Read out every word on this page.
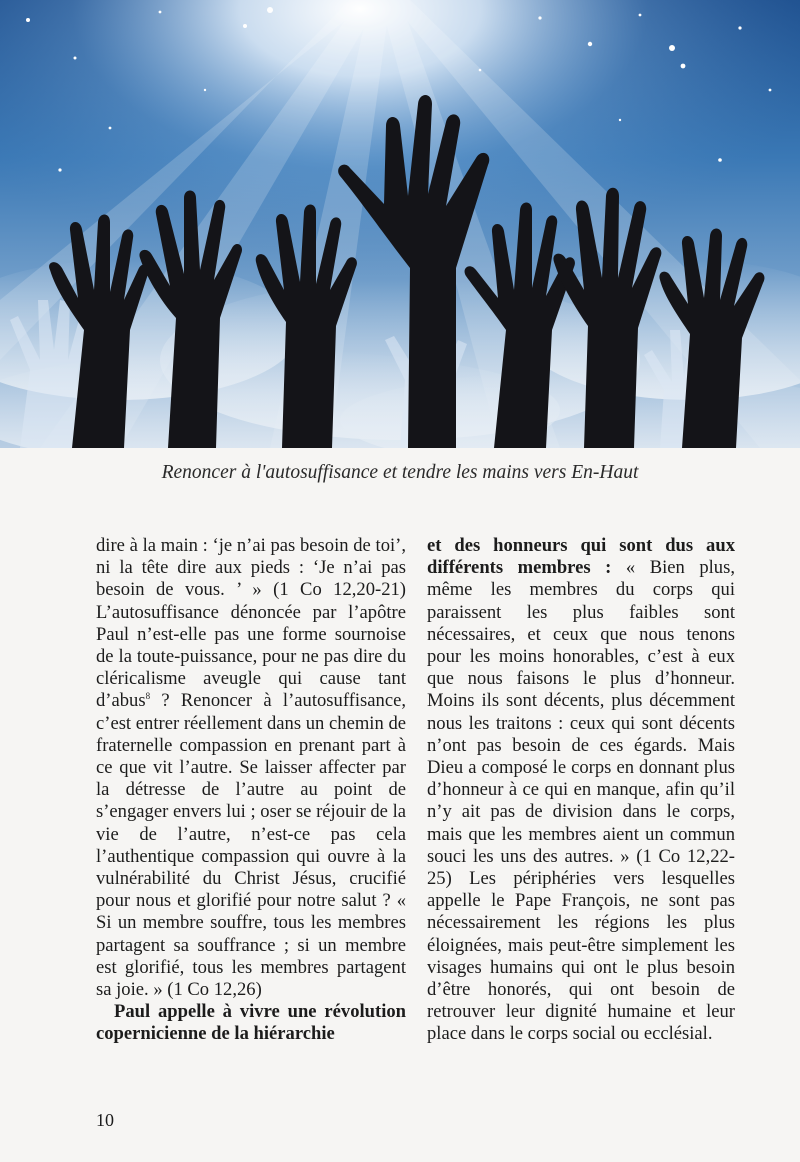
Renoncer à l'autosuffisance et tendre les mains vers En-Haut

dire à la main : ‘je n’ai pas besoin de toi’, ni la tête dire aux pieds : ‘Je n’ai pas besoin de vous. ’ » (1 Co 12,20-21) L’autosuffisance dénoncée par l’apôtre Paul n’est-elle pas une forme sournoise de la toute-puissance, pour ne pas dire du cléricalisme aveugle qui cause tant d’abus$^8$ ? Renoncer à l’autosuffisance, c’est entrer réellement dans un chemin de fraternelle compassion en prenant part à ce que vit l’autre. Se laisser affecter par la détresse de l’autre au point de s’engager envers lui ; oser se réjouir de la vie de l’autre, n’est-ce pas cela l’authentique compassion qui ouvre à la vulnérabilité du Christ Jésus, crucifié pour nous et glorifié pour notre salut ? « Si un membre souffre, tous les membres partagent sa souffrance ; si un membre est glorifié, tous les membres partagent sa joie. » (1 Co 12,26)

Paul appelle à vivre une révolution copernicienne de la hiérarchie

et des honneurs qui sont dus aux différents membres : « Bien plus, même les membres du corps qui paraissent les plus faibles sont nécessaires, et ceux que nous tenons pour les moins honorables, c’est à eux que nous faisons le plus d’honneur. Moins ils sont décents, plus décemment nous les traitons : ceux qui sont décents n’ont pas besoin de ces égards. Mais Dieu a composé le corps en donnant plus d’honneur à ce qui en manque, afin qu’il n’y ait pas de division dans le corps, mais que les membres aient un commun souci les uns des autres. » (1 Co 12,22-25) Les périphéries vers lesquelles appelle le Pape François, ne sont pas nécessairement les régions les plus éloignées, mais peut-être simplement les visages humains qui ont le plus besoin d’être honorés, qui ont besoin de retrouver leur dignité humaine et leur place dans le corps social ou ecclésial.

10
